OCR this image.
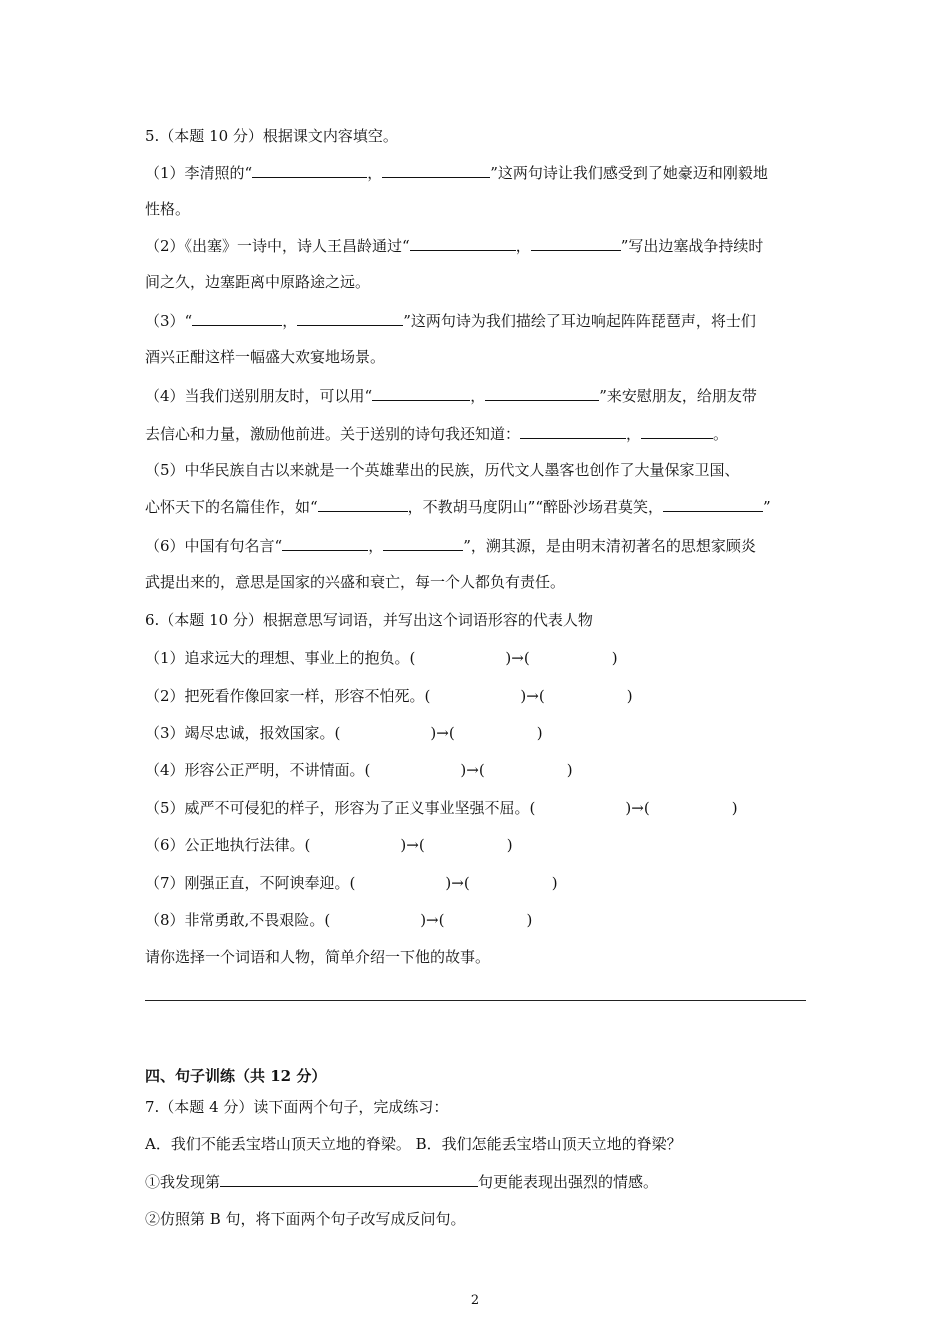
5.（本题 10 分）根据课文内容填空。
（1）李清照的“	，	”这两句诗让我们感受到了她豪迈和刚毅地
性格。
（2）《出塞》一诗中，诗人王昌龄通过“	，	”写出边塞战争持续时
间之久，边塞距离中原路途之远。
（3）“	，	”这两句诗为我们描绘了耳边响起阵阵琵琶声，将士们
酒兴正酣这样一幅盛大欢宴地场景。
（4）当我们送别朋友时，可以用“	，	”来安慰朋友，给朋友带
去信心和力量，激励他前进。关于送别的诗句我还知道：	，	。
（5）中华民族自古以来就是一个英雄辈出的民族，历代文人墨客也创作了大量保家卫国、
心怀天下的名篇佳作，如“	，不教胡马度阴山”“醉卧沙场君莫笑，	”
（6）中国有句名言“	，	”，溯其源，是由明末清初著名的思想家顾炎
武提出来的，意思是国家的兴盛和衰亡，每一个人都负有责任。
6.（本题 10 分）根据意思写词语，并写出这个词语形容的代表人物
（1）追求远大的理想、事业上的抱负。(	)→(	)
（2）把死看作像回家一样，形容不怕死。(	)→(	)
（3）竭尽忠诚，报效国家。(	)→(	)
（4）形容公正严明，不讲情面。(	)→(	)
（5）威严不可侵犯的样子，形容为了正义事业坚强不屈。(	)→(	)
（6）公正地执行法律。(	)→(	)
（7）刚强正直，不阿谀奉迎。(	)→(	)
（8）非常勇敢,不畏艰险。(	)→(	)
请你选择一个词语和人物，简单介绍一下他的故事。
四、句子训练（共 12 分）
7.（本题 4 分）读下面两个句子，完成练习：
A．我们不能丢宝塔山顶天立地的脊梁。 B．我们怎能丢宝塔山顶天立地的脊梁？
①我发现第	句更能表现出强烈的情感。
②仿照第 B 句，将下面两个句子改写成反问句。
2
